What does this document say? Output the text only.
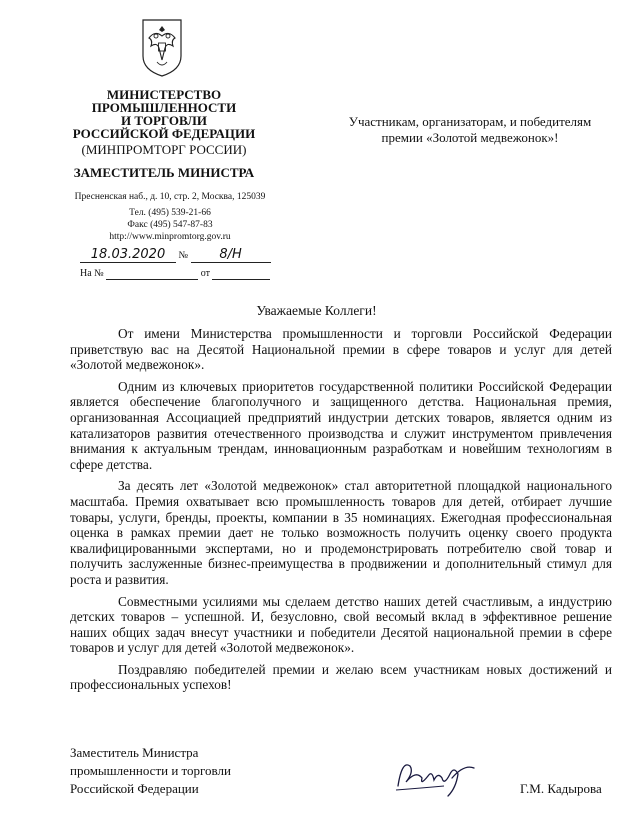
МИНИСТЕРСТВО
ПРОМЫШЛЕННОСТИ
И ТОРГОВЛИ
РОССИЙСКОЙ ФЕДЕРАЦИИ
(МИНПРОМТОРГ РОССИИ)
ЗАМЕСТИТЕЛЬ МИНИСТРА
Пресненская наб., д. 10, стр. 2, Москва, 125039
Тел. (495) 539-21-66
Факс (495) 547-87-83
http://www.minpromtorg.gov.ru
18.03.2020 № 8/Н
На №	от
Участникам, организаторам, и победителям
премии «Золотой медвежонок»!
Уважаемые Коллеги!

От имени Министерства промышленности и торговли Российской Федерации приветствую вас на Десятой Национальной премии в сфере товаров и услуг для детей «Золотой медвежонок».

Одним из ключевых приоритетов государственной политики Российской Федерации является обеспечение благополучного и защищенного детства. Национальная премия, организованная Ассоциацией предприятий индустрии детских товаров, является одним из катализаторов развития отечественного производства и служит инструментом привлечения внимания к актуальным трендам, инновационным разработкам и новейшим технологиям в сфере детства.

За десять лет «Золотой медвежонок» стал авторитетной площадкой национального масштаба. Премия охватывает всю промышленность товаров для детей, отбирает лучшие товары, услуги, бренды, проекты, компании в 35 номинациях. Ежегодная профессиональная оценка в рамках премии дает не только возможность получить оценку своего продукта квалифицированными экспертами, но и продемонстрировать потребителю свой товар и получить заслуженные бизнес-преимущества в продвижении и дополнительный стимул для роста и развития.

Совместными усилиями мы сделаем детство наших детей счастливым, а индустрию детских товаров – успешной. И, безусловно, свой весомый вклад в эффективное решение наших общих задач внесут участники и победители Десятой национальной премии в сфере товаров и услуг для детей «Золотой медвежонок».

Поздравляю победителей премии и желаю всем участникам новых достижений и профессиональных успехов!

Заместитель Министра
промышленности и торговли
Российской Федерации	Г.М. Кадырова
